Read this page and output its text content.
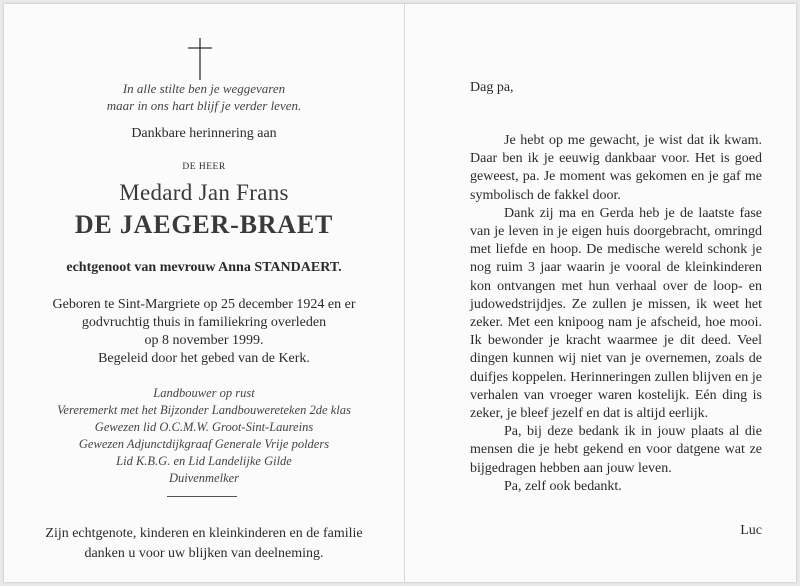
In alle stilte ben je weggevaren
maar in ons hart blijf je verder leven.
Dankbare herinnering aan
DE HEER
Medard Jan Frans
DE JAEGER-BRAET
echtgenoot van mevrouw Anna STANDAERT.
Geboren te Sint-Margriete op 25 december 1924 en er
godvruchtig thuis in familiekring overleden
op 8 november 1999.
Begeleid door het gebed van de Kerk.
Landbouwer op rust
Vereremerkt met het Bijzonder Landbouwereteken 2de klas
Gewezen lid O.C.M.W. Groot-Sint-Laureins
Gewezen Adjunctdijkgraaf Generale Vrije polders
Lid K.B.G. en Lid Landelijke Gilde
Duivenmelker
Zijn echtgenote, kinderen en kleinkinderen en de familie
danken u voor uw blijken van deelneming.
Dag pa,

Je hebt op me gewacht, je wist dat ik kwam. Daar ben ik je eeuwig dankbaar voor. Het is goed geweest, pa. Je moment was gekomen en je gaf me symbolisch de fakkel door.

Dank zij ma en Gerda heb je de laatste fase van je leven in je eigen huis doorgebracht, omringd met liefde en hoop. De medische wereld schonk je nog ruim 3 jaar waarin je vooral de kleinkinderen kon ontvangen met hun verhaal over de loop- en judowedstrijdjes. Ze zullen je missen, ik weet het zeker. Met een knipoog nam je afscheid, hoe mooi. Ik bewonder je kracht waarmee je dit deed. Veel dingen kunnen wij niet van je overnemen, zoals de duifjes koppelen. Herinneringen zullen blijven en je verhalen van vroeger waren kostelijk. Eén ding is zeker, je bleef jezelf en dat is altijd eerlijk.

Pa, bij deze bedank ik in jouw plaats al die mensen die je hebt gekend en voor datgene wat ze bijgedragen hebben aan jouw leven.

Pa, zelf ook bedankt.

Luc
